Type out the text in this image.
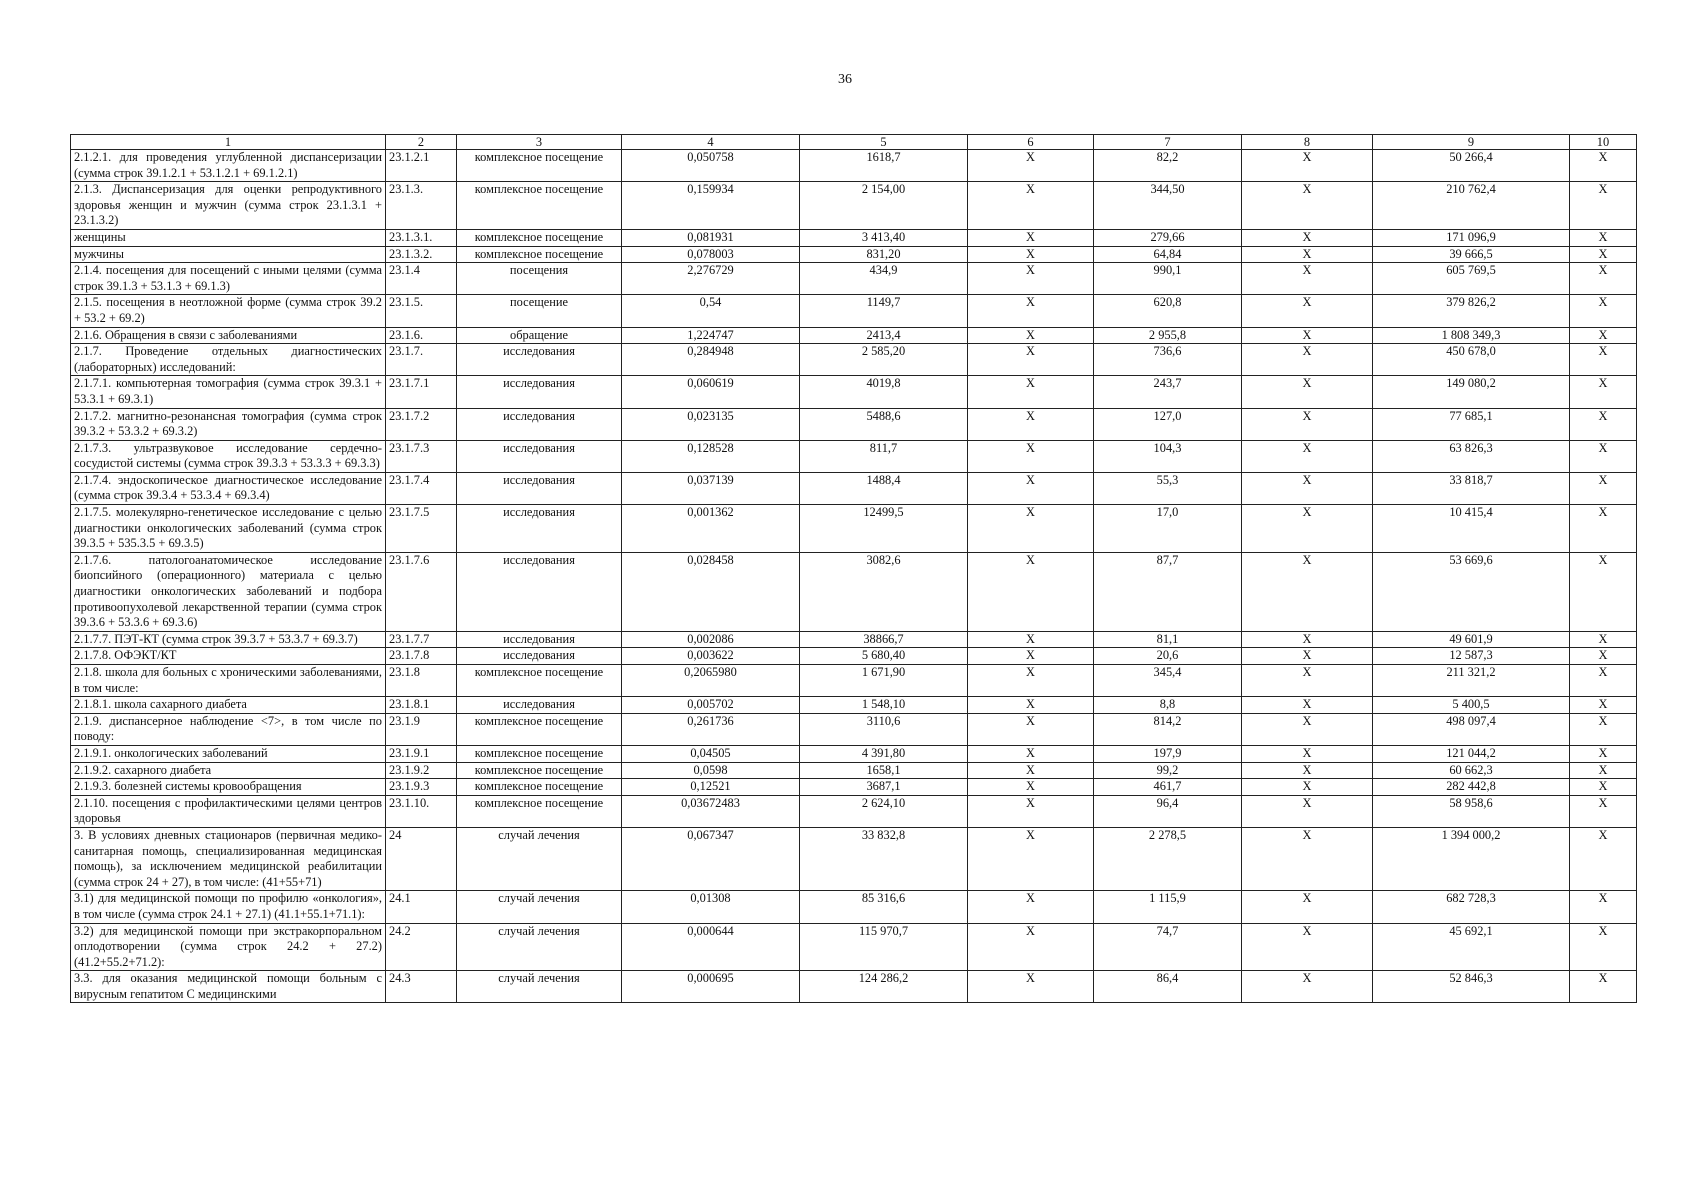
36
1	2	3	4	5	6	7	8	9	10
2.1.2.1. для проведения углубленной диспансеризации (сумма строк 39.1.2.1 + 53.1.2.1 + 69.1.2.1)	23.1.2.1	комплексное посещение	0,050758	1618,7	X	82,2	X	50 266,4	X
2.1.3. Диспансеризация для оценки репродуктивного здоровья женщин и мужчин (сумма строк 23.1.3.1 + 23.1.3.2)	23.1.3.	комплексное посещение	0,159934	2 154,00	X	344,50	X	210 762,4	X
женщины	23.1.3.1.	комплексное посещение	0,081931	3 413,40	X	279,66	X	171 096,9	X
мужчины	23.1.3.2.	комплексное посещение	0,078003	831,20	X	64,84	X	39 666,5	X
2.1.4. посещения для посещений с иными целями (сумма строк 39.1.3 + 53.1.3 + 69.1.3)	23.1.4	посещения	2,276729	434,9	X	990,1	X	605 769,5	X
2.1.5. посещения в неотложной форме (сумма строк 39.2 + 53.2 + 69.2)	23.1.5.	посещение	0,54	1149,7	X	620,8	X	379 826,2	X
2.1.6. Обращения в связи с заболеваниями	23.1.6.	обращение	1,224747	2413,4	X	2 955,8	X	1 808 349,3	X
2.1.7. Проведение отдельных диагностических (лабораторных) исследований:	23.1.7.	исследования	0,284948	2 585,20	X	736,6	X	450 678,0	X
2.1.7.1. компьютерная томография (сумма строк 39.3.1 + 53.3.1 + 69.3.1)	23.1.7.1	исследования	0,060619	4019,8	X	243,7	X	149 080,2	X
2.1.7.2. магнитно-резонансная томография (сумма строк 39.3.2 + 53.3.2 + 69.3.2)	23.1.7.2	исследования	0,023135	5488,6	X	127,0	X	77 685,1	X
2.1.7.3. ультразвуковое исследование сердечно-сосудистой системы (сумма строк 39.3.3 + 53.3.3 + 69.3.3)	23.1.7.3	исследования	0,128528	811,7	X	104,3	X	63 826,3	X
2.1.7.4. эндоскопическое диагностическое исследование (сумма строк 39.3.4 + 53.3.4 + 69.3.4)	23.1.7.4	исследования	0,037139	1488,4	X	55,3	X	33 818,7	X
2.1.7.5. молекулярно-генетическое исследование с целью диагностики онкологических заболеваний (сумма строк 39.3.5 + 535.3.5 + 69.3.5)	23.1.7.5	исследования	0,001362	12499,5	X	17,0	X	10 415,4	X
2.1.7.6. патологоанатомическое исследование биопсийного (операционного) материала с целью диагностики онкологических заболеваний и подбора противоопухолевой лекарственной терапии (сумма строк 39.3.6 + 53.3.6 + 69.3.6)	23.1.7.6	исследования	0,028458	3082,6	X	87,7	X	53 669,6	X
2.1.7.7. ПЭТ-КТ (сумма строк 39.3.7 + 53.3.7 + 69.3.7)	23.1.7.7	исследования	0,002086	38866,7	X	81,1	X	49 601,9	X
2.1.7.8. ОФЭКТ/КТ	23.1.7.8	исследования	0,003622	5 680,40	X	20,6	X	12 587,3	X
2.1.8. школа для больных с хроническими заболеваниями, в том числе:	23.1.8	комплексное посещение	0,2065980	1 671,90	X	345,4	X	211 321,2	X
2.1.8.1. школа сахарного диабета	23.1.8.1	исследования	0,005702	1 548,10	X	8,8	X	5 400,5	X
2.1.9. диспансерное наблюдение <7>, в том числе по поводу:	23.1.9	комплексное посещение	0,261736	3110,6	X	814,2	X	498 097,4	X
2.1.9.1. онкологических заболеваний	23.1.9.1	комплексное посещение	0,04505	4 391,80	X	197,9	X	121 044,2	X
2.1.9.2. сахарного диабета	23.1.9.2	комплексное посещение	0,0598	1658,1	X	99,2	X	60 662,3	X
2.1.9.3. болезней системы кровообращения	23.1.9.3	комплексное посещение	0,12521	3687,1	X	461,7	X	282 442,8	X
2.1.10. посещения с профилактическими целями центров здоровья	23.1.10.	комплексное посещение	0,03672483	2 624,10	X	96,4	X	58 958,6	X
3. В условиях дневных стационаров (первичная медико-санитарная помощь, специализированная медицинская помощь), за исключением медицинской реабилитации (сумма строк 24 + 27), в том числе: (41+55+71)	24	случай лечения	0,067347	33 832,8	X	2 278,5	X	1 394 000,2	X
3.1) для медицинской помощи по профилю «онкология», в том числе (сумма строк 24.1 + 27.1) (41.1+55.1+71.1):	24.1	случай лечения	0,01308	85 316,6	X	1 115,9	X	682 728,3	X
3.2) для медицинской помощи при экстракорпоральном оплодотворении (сумма строк 24.2 + 27.2) (41.2+55.2+71.2):	24.2	случай лечения	0,000644	115 970,7	X	74,7	X	45 692,1	X
3.3. для оказания медицинской помощи больным с вирусным гепатитом С медицинскими	24.3	случай лечения	0,000695	124 286,2	X	86,4	X	52 846,3	X
